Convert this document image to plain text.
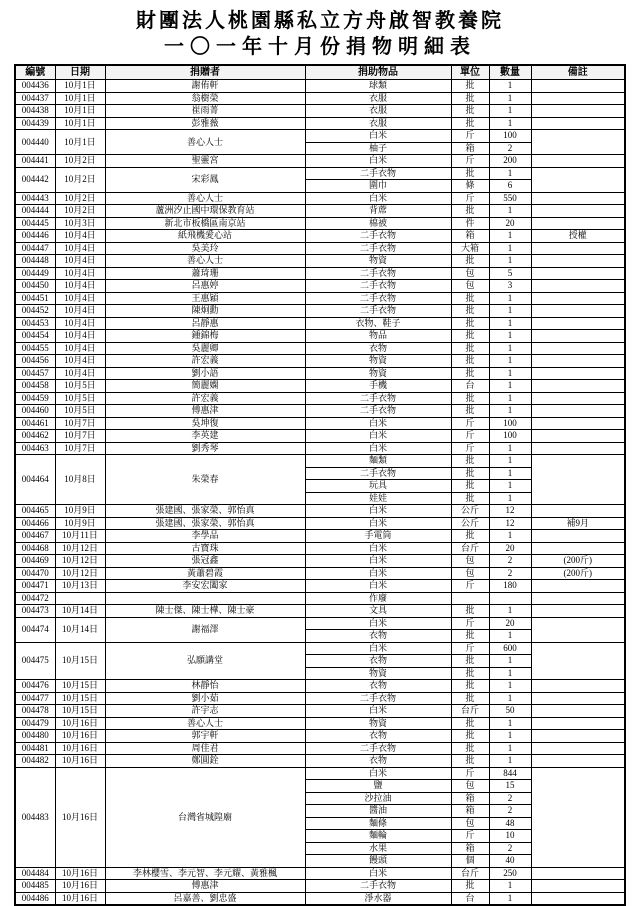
財團法人桃園縣私立方舟啟智教養院
一〇一年十月份捐物明細表
編號	日期	捐贈者	捐助物品	單位	數量	備註
004436	10月1日	謝侑軒	球類	批	1	
004437	10月1日	翁樹榮	衣服	批	1	
004438	10月1日	崔雨菁	衣服	批	1	
004439	10月1日	彭雅薇	衣服	批	1	
004440	10月1日	善心人士	白米	斤	100	
			柚子	箱	2	
004441	10月2日	聖靈宮	白米	斤	200	
004442	10月2日	宋彩鳳	二手衣物	批	1	
			圍巾	條	6	
004443	10月2日	善心人士	白米	斤	550	
004444	10月2日	蘆洲汐止國中環保教育站	背蓆	批	1	
004445	10月3日	新北市板橋區南京站	棉被	件	20	
004446	10月4日	紙飛機愛心站	二手衣物	箱	1	授權
004447	10月4日	吳美玲	二手衣物	大箱	1	
004448	10月4日	善心人士	物資	批	1	
004449	10月4日	蕭琦珊	二手衣物	包	5	
004450	10月4日	呂惠婷	二手衣物	包	3	
004451	10月4日	王惠穎	二手衣物	批	1	
004452	10月4日	陳炯勳	二手衣物	批	1	
004453	10月4日	呂靜惠	衣物、鞋子	批	1	
004454	10月4日	鍾錦梅	物品	批	1	
004455	10月4日	吳麗卿	衣物	批	1	
004456	10月4日	許宏義	物資	批	1	
004457	10月4日	劉小語	物資	批	1	
004458	10月5日	簡麗嫻	手機	台	1	
004459	10月5日	許宏義	二手衣物	批	1	
004460	10月5日	傅惠津	二手衣物	批	1	
004461	10月7日	吳坤復	白米	斤	100	
004462	10月7日	李英建	白米	斤	100	
004463	10月7日	劉秀琴	白米	斤	1	
004464	10月8日	朱榮春	麵類	批	1	
			二手衣物	批	1	
			玩具	批	1	
			娃娃	批	1	
004465	10月9日	張建國、張家榮、郭怡真	白米	公斤	12	
004466	10月9日	張建國、張家榮、郭怡真	白米	公斤	12	補9月
004467	10月11日	李學品	手電筒	批	1	
004468	10月12日	古寶珠	白米	台斤	20	
004469	10月12日	張冠鑫	白米	包	2	(200斤)
004470	10月12日	黃蕭碧霞	白米	包	2	(200斤)
004471	10月13日	李安宏闔家	白米	斤	180	
004472			作廢			
004473	10月14日	陳士傑、陳士樺、陳士豪	文具	批	1	
004474	10月14日	謝福澤	白米	斤	20	
			衣物	批	1	
004475	10月15日	弘願講堂	白米	斤	600	
			衣物	批	1	
			物資	批	1	
004476	10月15日	林靜怡	衣物	批	1	
004477	10月15日	劉小茹	二手衣物	批	1	
004478	10月15日	許宇志	白米	台斤	50	
004479	10月16日	善心人士	物資	批	1	
004480	10月16日	郭宇軒	衣物	批	1	
004481	10月16日	周佳君	二手衣物	批	1	
004482	10月16日	鄭圓銓	衣物	批	1	
004483	10月16日	台灣省城隍廟	白米	斤	844	
			鹽	包	15	
			沙拉油	箱	2	
			醬油	箱	2	
			麵條	包	48	
			麵輪	斤	10	
			水果	箱	2	
			饅頭	個	40	
004484	10月16日	李林櫻雪、李元智、李元耀、黃雅楓	白米	台斤	250	
004485	10月16日	傅惠津	二手衣物	批	1	
004486	10月16日	呂嘉善、劉忠盛	淨水器	台	1	
